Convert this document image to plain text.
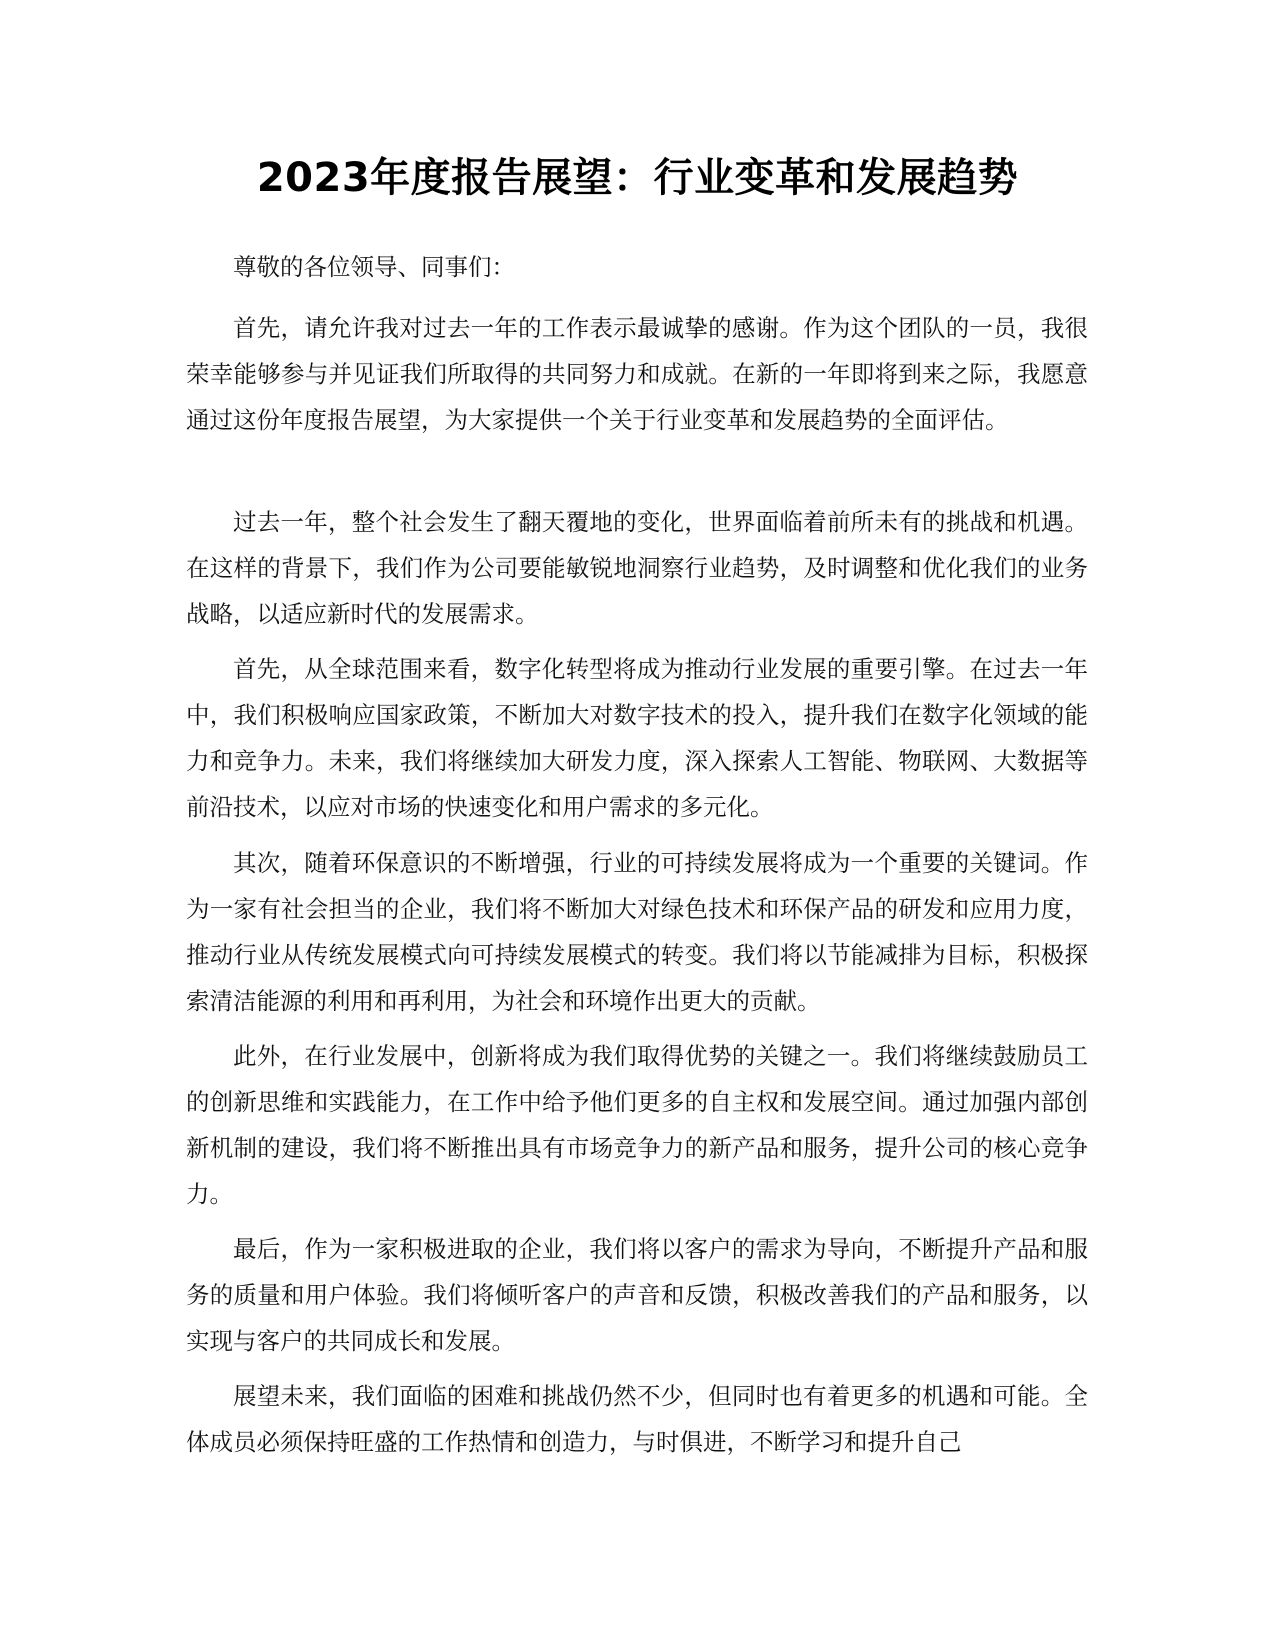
2023年度报告展望：行业变革和发展趋势

尊敬的各位领导、同事们：

首先，请允许我对过去一年的工作表示最诚挚的感谢。作为这个团队的一员，我很荣幸能够参与并见证我们所取得的共同努力和成就。在新的一年即将到来之际，我愿意通过这份年度报告展望，为大家提供一个关于行业变革和发展趋势的全面评估。

过去一年，整个社会发生了翻天覆地的变化，世界面临着前所未有的挑战和机遇。在这样的背景下，我们作为公司要能敏锐地洞察行业趋势，及时调整和优化我们的业务战略，以适应新时代的发展需求。

首先，从全球范围来看，数字化转型将成为推动行业发展的重要引擎。在过去一年中，我们积极响应国家政策，不断加大对数字技术的投入，提升我们在数字化领域的能力和竞争力。未来，我们将继续加大研发力度，深入探索人工智能、物联网、大数据等前沿技术，以应对市场的快速变化和用户需求的多元化。

其次，随着环保意识的不断增强，行业的可持续发展将成为一个重要的关键词。作为一家有社会担当的企业，我们将不断加大对绿色技术和环保产品的研发和应用力度，推动行业从传统发展模式向可持续发展模式的转变。我们将以节能减排为目标，积极探索清洁能源的利用和再利用，为社会和环境作出更大的贡献。

此外，在行业发展中，创新将成为我们取得优势的关键之一。我们将继续鼓励员工的创新思维和实践能力，在工作中给予他们更多的自主权和发展空间。通过加强内部创新机制的建设，我们将不断推出具有市场竞争力的新产品和服务，提升公司的核心竞争力。

最后，作为一家积极进取的企业，我们将以客户的需求为导向，不断提升产品和服务的质量和用户体验。我们将倾听客户的声音和反馈，积极改善我们的产品和服务，以实现与客户的共同成长和发展。

展望未来，我们面临的困难和挑战仍然不少，但同时也有着更多的机遇和可能。全体成员必须保持旺盛的工作热情和创造力，与时俱进，不断学习和提升自己
